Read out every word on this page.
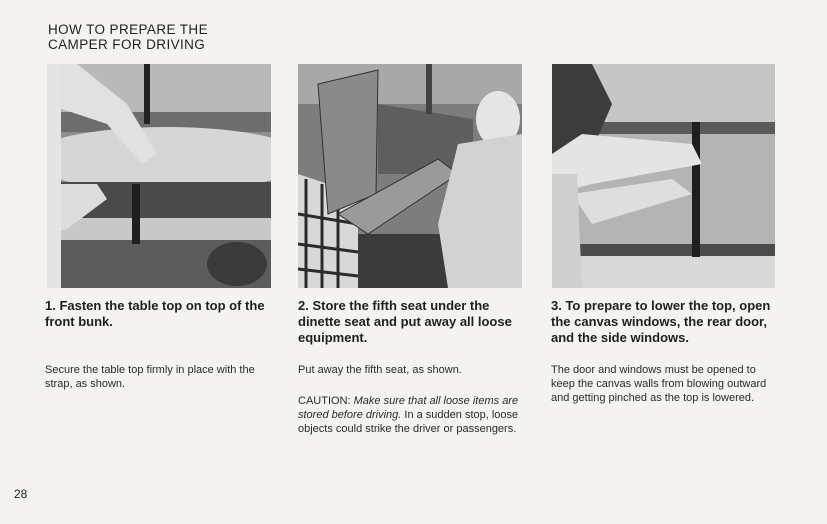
HOW TO PREPARE THE
CAMPER FOR DRIVING
1. Fasten the table top on top of the front bunk.
2. Store the fifth seat under the dinette seat and put away all loose equipment.
3. To prepare to lower the top, open the canvas windows, the rear door, and the side windows.
Secure the table top firmly in place with the strap, as shown.
Put away the fifth seat, as shown.	The door and windows must be opened to keep the canvas walls from blowing outward and getting pinched as the top is lowered.
CAUTION: Make sure that all loose items are stored before driving. In a sudden stop, loose objects could strike the driver or passengers.
28
